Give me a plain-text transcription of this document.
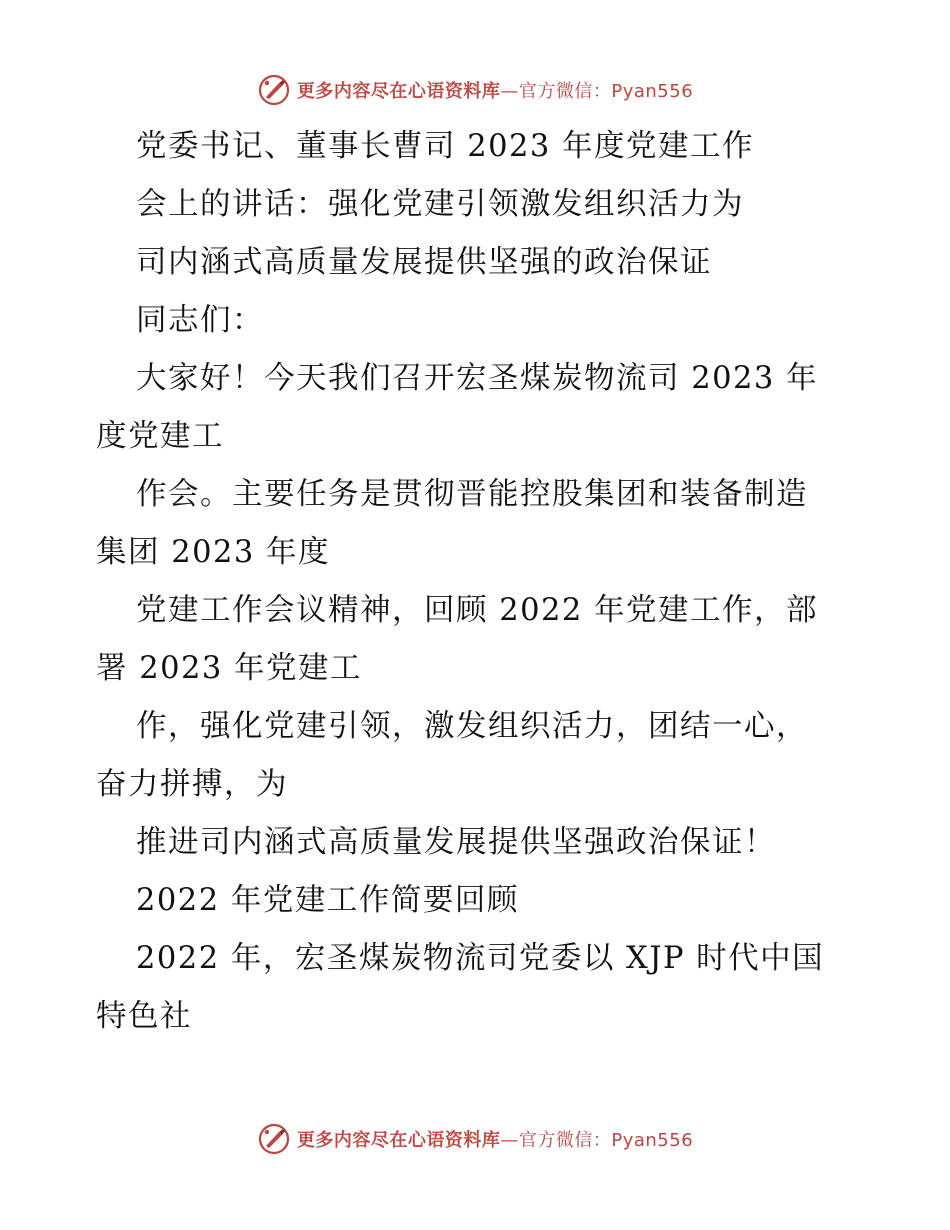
更多内容尽在心语资料库—官方微信：Pyan556
党委书记、董事长曹司 2023 年度党建工作
会上的讲话：强化党建引领激发组织活力为
司内涵式高质量发展提供坚强的政治保证
同志们：
大家好！今天我们召开宏圣煤炭物流司 2023 年
度党建工
作会。主要任务是贯彻晋能控股集团和装备制造
集团 2023 年度
党建工作会议精神，回顾 2022 年党建工作，部
署 2023 年党建工
作，强化党建引领，激发组织活力，团结一心，
奋力拼搏，为
推进司内涵式高质量发展提供坚强政治保证！
2022 年党建工作简要回顾
2022 年，宏圣煤炭物流司党委以 XJP 时代中国
特色社
更多内容尽在心语资料库—官方微信：Pyan556
